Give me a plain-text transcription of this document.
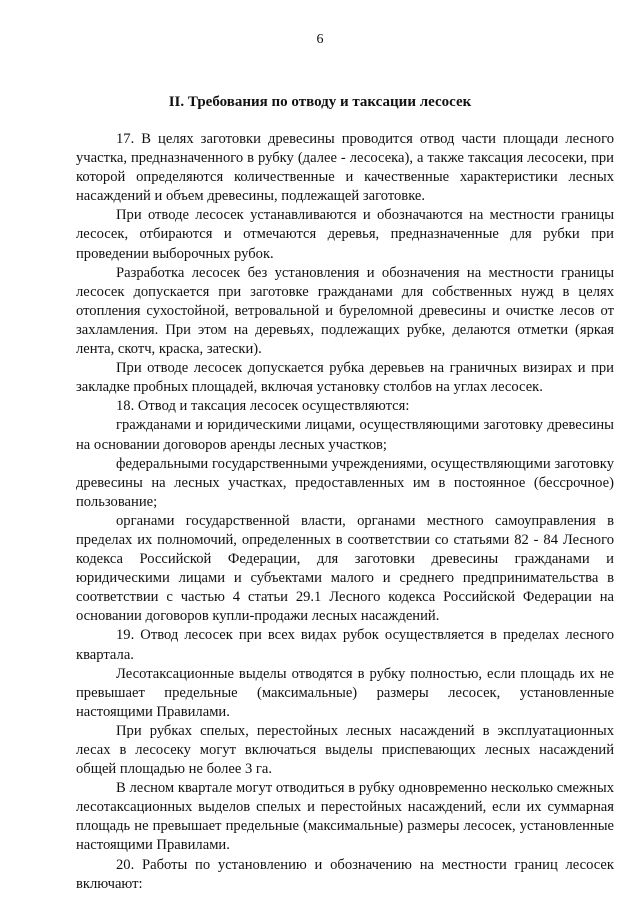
6
II. Требования по отводу и таксации лесосек

17. В целях заготовки древесины проводится отвод части площади лесного участка, предназначенного в рубку (далее - лесосека), а также таксация лесосеки, при которой определяются количественные и качественные характеристики лесных насаждений и объем древесины, подлежащей заготовке.

При отводе лесосек устанавливаются и обозначаются на местности границы лесосек, отбираются и отмечаются деревья, предназначенные для рубки при проведении выборочных рубок.

Разработка лесосек без установления и обозначения на местности границы лесосек допускается при заготовке гражданами для собственных нужд в целях отопления сухостойной, ветровальной и буреломной древесины и очистке лесов от захламления. При этом на деревьях, подлежащих рубке, делаются отметки (яркая лента, скотч, краска, затески).

При отводе лесосек допускается рубка деревьев на граничных визирах и при закладке пробных площадей, включая установку столбов на углах лесосек.

18. Отвод и таксация лесосек осуществляются:

гражданами и юридическими лицами, осуществляющими заготовку древесины на основании договоров аренды лесных участков;

федеральными государственными учреждениями, осуществляющими заготовку древесины на лесных участках, предоставленных им в постоянное (бессрочное) пользование;

органами государственной власти, органами местного самоуправления в пределах их полномочий, определенных в соответствии со статьями 82 - 84 Лесного кодекса Российской Федерации, для заготовки древесины гражданами и юридическими лицами и субъектами малого и среднего предпринимательства в соответствии с частью 4 статьи 29.1 Лесного кодекса Российской Федерации на основании договоров купли-продажи лесных насаждений.

19. Отвод лесосек при всех видах рубок осуществляется в пределах лесного квартала.

Лесотаксационные выделы отводятся в рубку полностью, если площадь их не превышает предельные (максимальные) размеры лесосек, установленные настоящими Правилами.

При рубках спелых, перестойных лесных насаждений в эксплуатационных лесах в лесосеку могут включаться выделы приспевающих лесных насаждений общей площадью не более 3 га.

В лесном квартале могут отводиться в рубку одновременно несколько смежных лесотаксационных выделов спелых и перестойных насаждений, если их суммарная площадь не превышает предельные (максимальные) размеры лесосек, установленные настоящими Правилами.

20. Работы по установлению и обозначению на местности границ лесосек включают:
